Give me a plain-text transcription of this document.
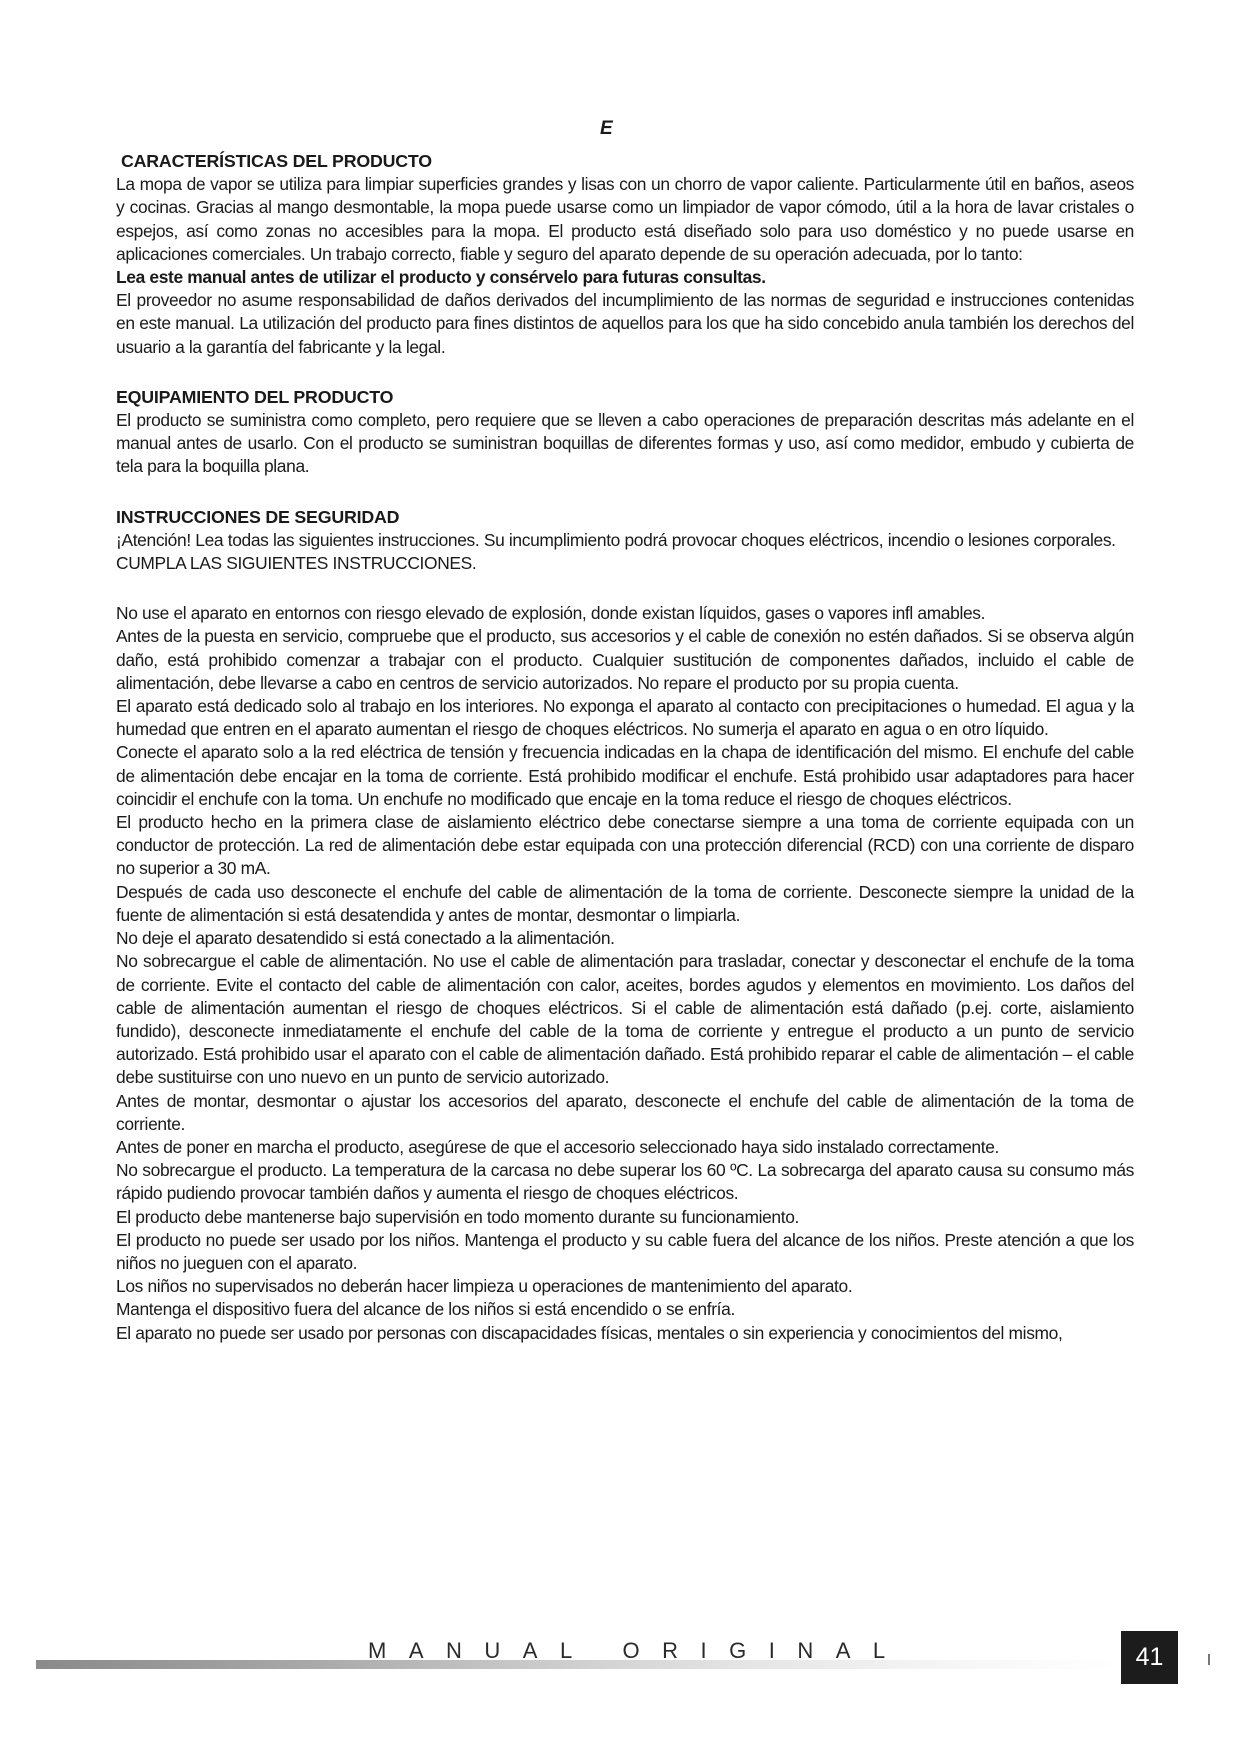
E
CARACTERÍSTICAS DEL PRODUCTO

La mopa de vapor se utiliza para limpiar superficies grandes y lisas con un chorro de vapor caliente. Particularmente útil en baños, aseos y cocinas. Gracias al mango desmontable, la mopa puede usarse como un limpiador de vapor cómodo, útil a la hora de lavar cristales o espejos, así como zonas no accesibles para la mopa. El producto está diseñado solo para uso doméstico y no puede usarse en aplicaciones comerciales. Un trabajo correcto, fiable y seguro del aparato depende de su operación adecuada, por lo tanto:

Lea este manual antes de utilizar el producto y consérvelo para futuras consultas.

El proveedor no asume responsabilidad de daños derivados del incumplimiento de las normas de seguridad e instrucciones contenidas en este manual. La utilización del producto para fines distintos de aquellos para los que ha sido concebido anula también los derechos del usuario a la garantía del fabricante y la legal.

EQUIPAMIENTO DEL PRODUCTO

El producto se suministra como completo, pero requiere que se lleven a cabo operaciones de preparación descritas más adelante en el manual antes de usarlo. Con el producto se suministran boquillas de diferentes formas y uso, así como medidor, embudo y cubierta de tela para la boquilla plana.

INSTRUCCIONES DE SEGURIDAD

¡Atención! Lea todas las siguientes instrucciones. Su incumplimiento podrá provocar choques eléctricos, incendio o lesiones corporales.

CUMPLA LAS SIGUIENTES INSTRUCCIONES.

No use el aparato en entornos con riesgo elevado de explosión, donde existan líquidos, gases o vapores infl amables.

Antes de la puesta en servicio, compruebe que el producto, sus accesorios y el cable de conexión no estén dañados. Si se observa algún daño, está prohibido comenzar a trabajar con el producto. Cualquier sustitución de componentes dañados, incluido el cable de alimentación, debe llevarse a cabo en centros de servicio autorizados. No repare el producto por su propia cuenta.

El aparato está dedicado solo al trabajo en los interiores. No exponga el aparato al contacto con precipitaciones o humedad. El agua y la humedad que entren en el aparato aumentan el riesgo de choques eléctricos. No sumerja el aparato en agua o en otro líquido.

Conecte el aparato solo a la red eléctrica de tensión y frecuencia indicadas en la chapa de identificación del mismo. El enchufe del cable de alimentación debe encajar en la toma de corriente. Está prohibido modificar el enchufe. Está prohibido usar adaptadores para hacer coincidir el enchufe con la toma. Un enchufe no modificado que encaje en la toma reduce el riesgo de choques eléctricos.

El producto hecho en la primera clase de aislamiento eléctrico debe conectarse siempre a una toma de corriente equipada con un conductor de protección. La red de alimentación debe estar equipada con una protección diferencial (RCD) con una corriente de disparo no superior a 30 mA.

Después de cada uso desconecte el enchufe del cable de alimentación de la toma de corriente. Desconecte siempre la unidad de la fuente de alimentación si está desatendida y antes de montar, desmontar o limpiarla.

No deje el aparato desatendido si está conectado a la alimentación.

No sobrecargue el cable de alimentación. No use el cable de alimentación para trasladar, conectar y desconectar el enchufe de la toma de corriente. Evite el contacto del cable de alimentación con calor, aceites, bordes agudos y elementos en movimiento. Los daños del cable de alimentación aumentan el riesgo de choques eléctricos. Si el cable de alimentación está dañado (p.ej. corte, aislamiento fundido), desconecte inmediatamente el enchufe del cable de la toma de corriente y entregue el producto a un punto de servicio autorizado. Está prohibido usar el aparato con el cable de alimentación dañado. Está prohibido reparar el cable de alimentación – el cable debe sustituirse con uno nuevo en un punto de servicio autorizado.

Antes de montar, desmontar o ajustar los accesorios del aparato, desconecte el enchufe del cable de alimentación de la toma de corriente.

Antes de poner en marcha el producto, asegúrese de que el accesorio seleccionado haya sido instalado correctamente.

No sobrecargue el producto. La temperatura de la carcasa no debe superar los 60 ºC. La sobrecarga del aparato causa su consumo más rápido pudiendo provocar también daños y aumenta el riesgo de choques eléctricos.

El producto debe mantenerse bajo supervisión en todo momento durante su funcionamiento.

El producto no puede ser usado por los niños. Mantenga el producto y su cable fuera del alcance de los niños. Preste atención a que los niños no jueguen con el aparato.

Los niños no supervisados no deberán hacer limpieza u operaciones de mantenimiento del aparato.

Mantenga el dispositivo fuera del alcance de los niños si está encendido o se enfría.

El aparato no puede ser usado por personas con discapacidades físicas, mentales o sin experiencia y conocimientos del mismo,

MANUAL ORIGINAL	41
